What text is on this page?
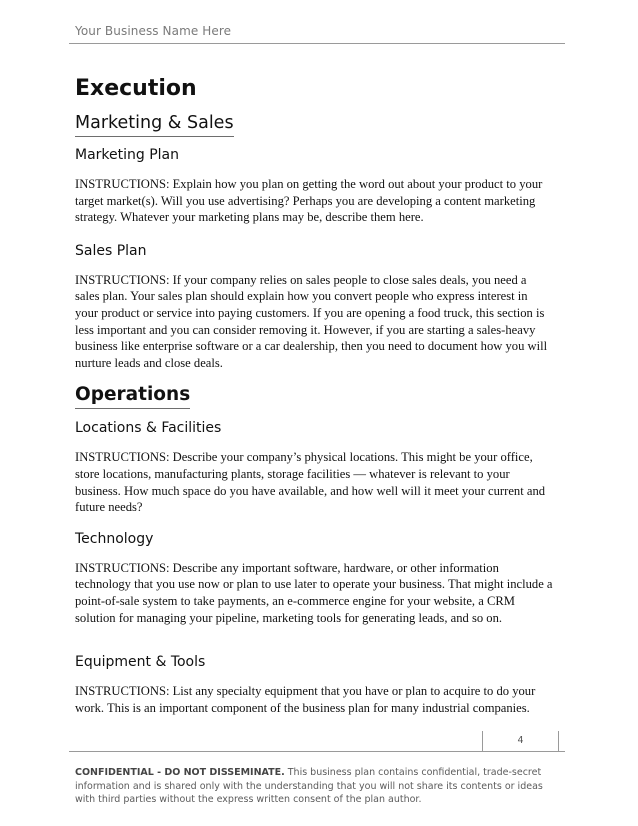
Your Business Name Here
Execution
Marketing & Sales
Marketing Plan

INSTRUCTIONS: Explain how you plan on getting the word out about your product to your target market(s). Will you use advertising? Perhaps you are developing a content marketing strategy. Whatever your marketing plans may be, describe them here.

Sales Plan

INSTRUCTIONS: If your company relies on sales people to close sales deals, you need a sales plan. Your sales plan should explain how you convert people who express interest in your product or service into paying customers. If you are opening a food truck, this section is less important and you can consider removing it. However, if you are starting a sales-heavy business like enterprise software or a car dealership, then you need to document how you will nurture leads and close deals.

Operations
Locations & Facilities

INSTRUCTIONS: Describe your company’s physical locations. This might be your office, store locations, manufacturing plants, storage facilities — whatever is relevant to your business. How much space do you have available, and how well will it meet your current and future needs?

Technology

INSTRUCTIONS: Describe any important software, hardware, or other information technology that you use now or plan to use later to operate your business. That might include a point-of-sale system to take payments, an e-commerce engine for your website, a CRM solution for managing your pipeline, marketing tools for generating leads, and so on.

Equipment & Tools

INSTRUCTIONS: List any specialty equipment that you have or plan to acquire to do your work. This is an important component of the business plan for many industrial companies.

4
CONFIDENTIAL - DO NOT DISSEMINATE. This business plan contains confidential, trade-secret information and is shared only with the understanding that you will not share its contents or ideas with third parties without the express written consent of the plan author.
